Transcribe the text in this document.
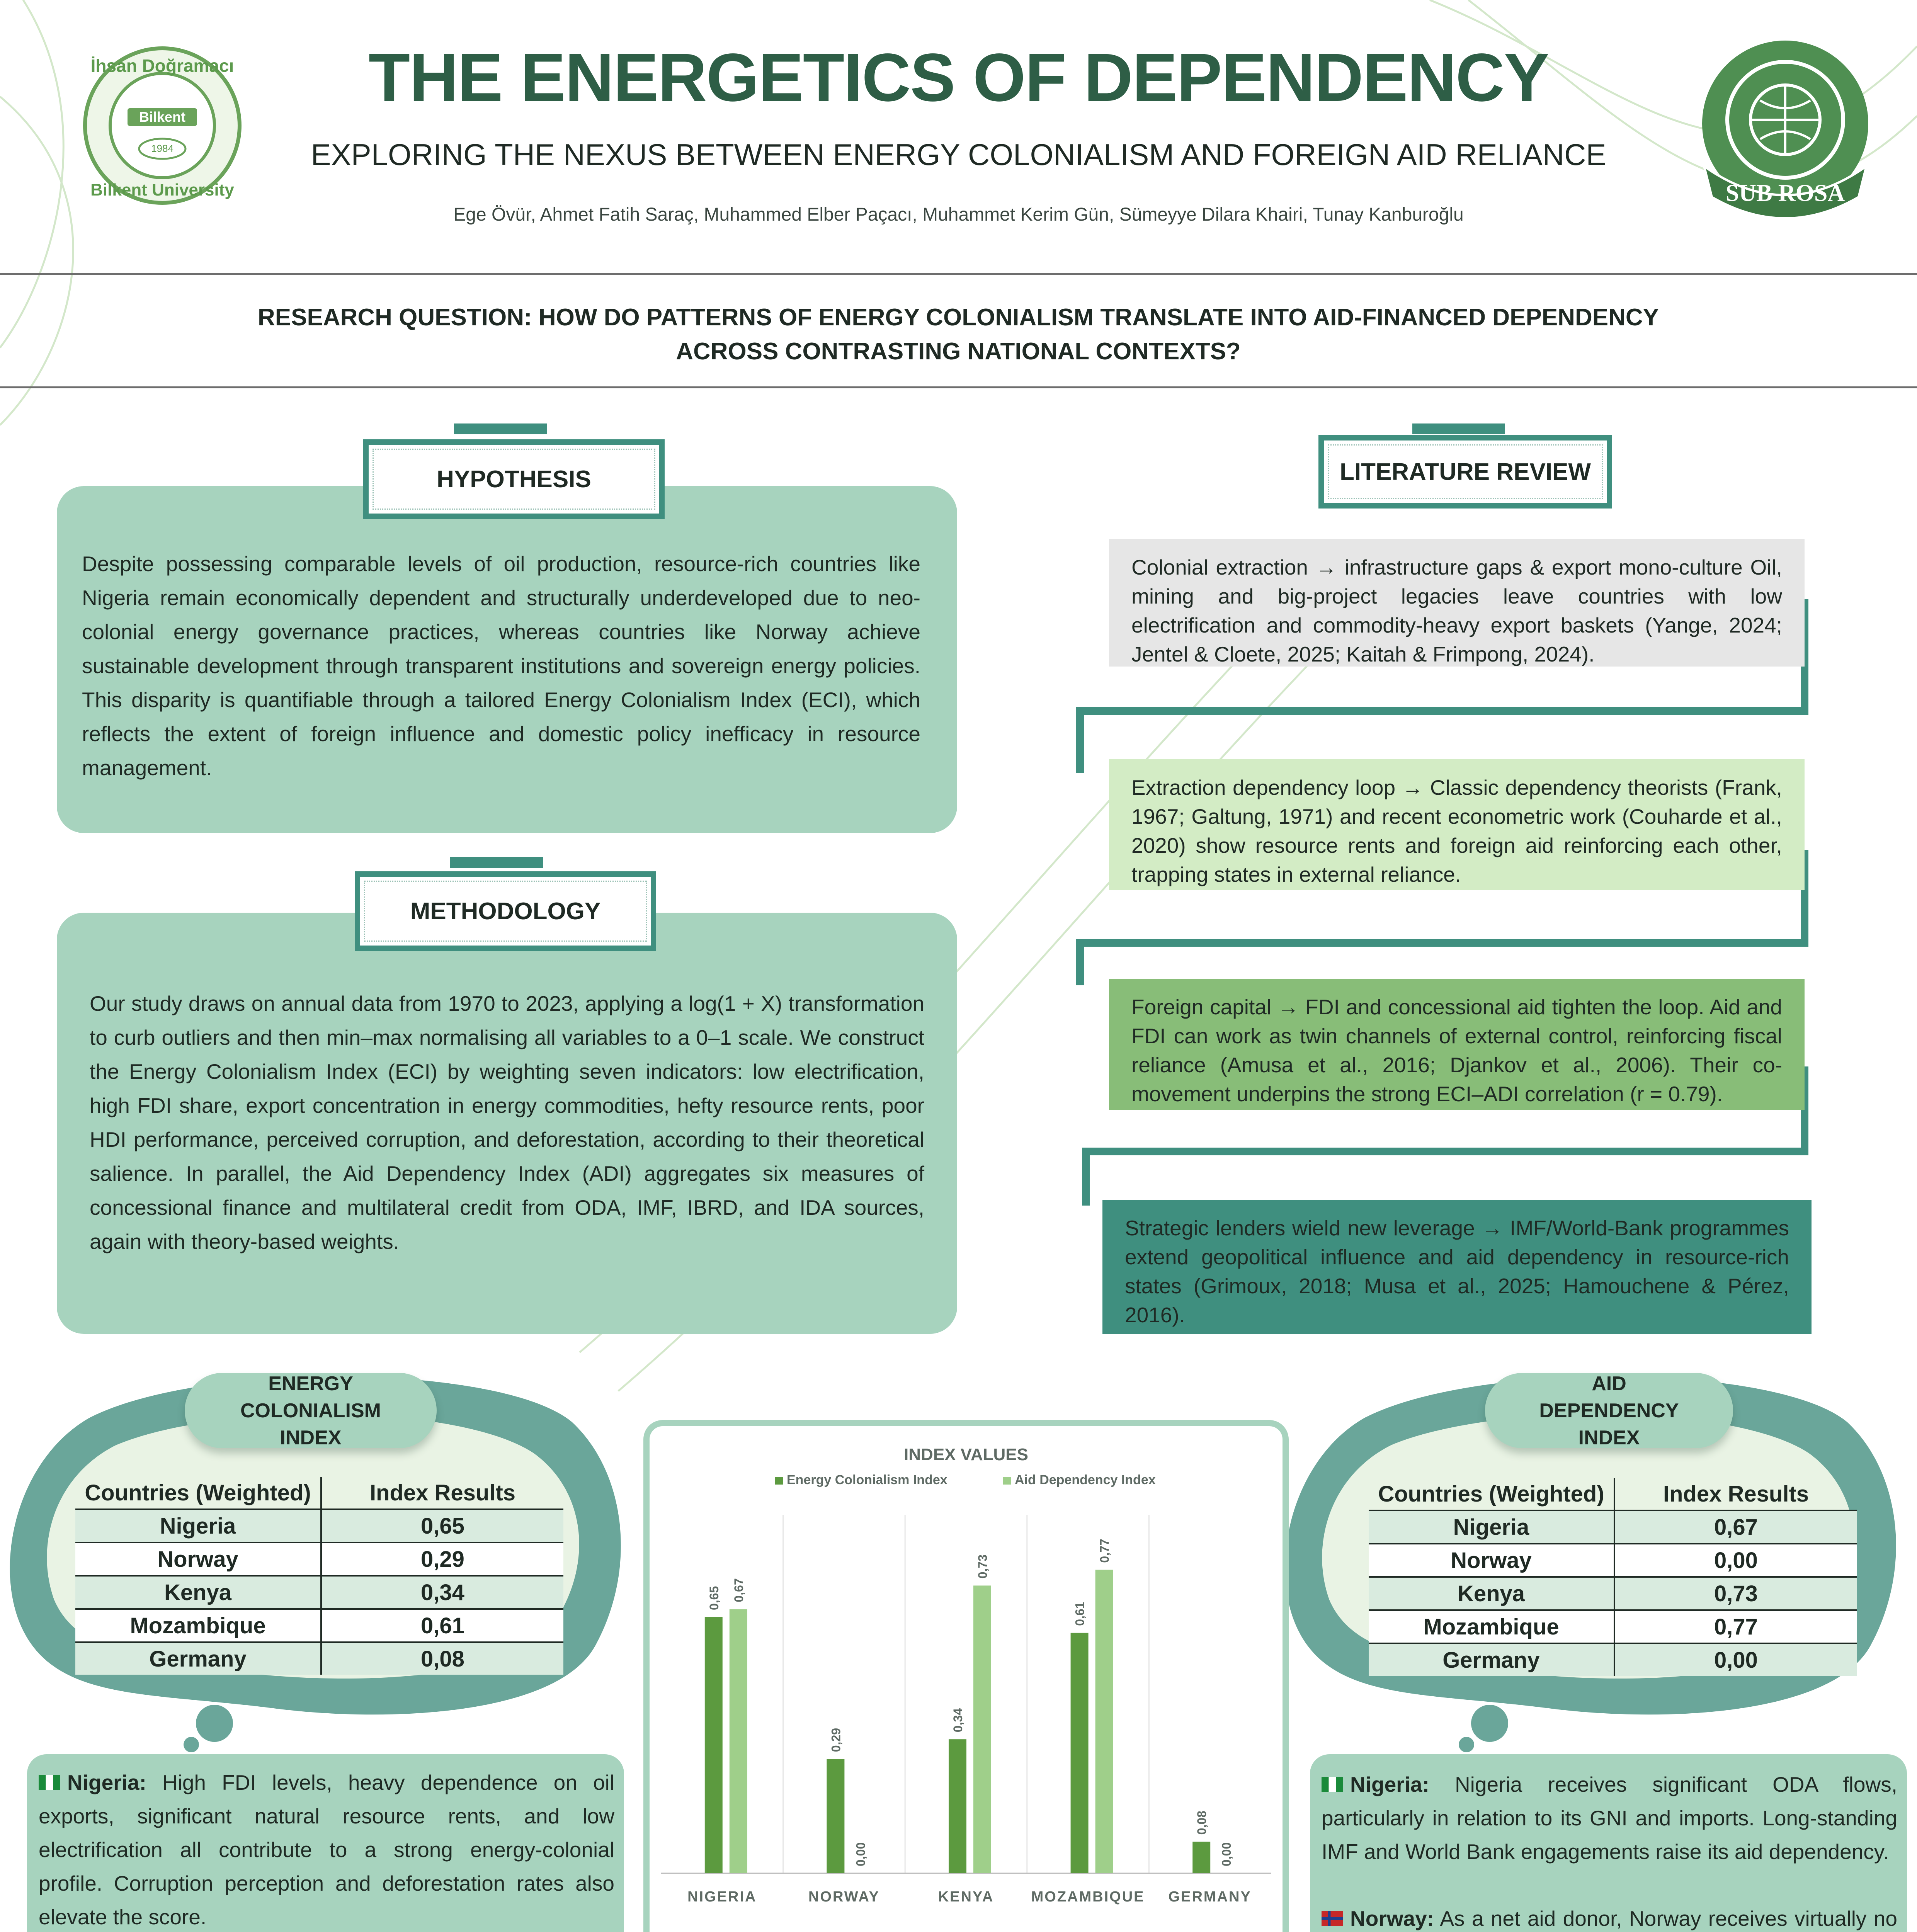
İhsan Doğramacı
Bilkent
1984
Bilkent University	SUB ROSA
THE ENERGETICS OF DEPENDENCY
EXPLORING THE NEXUS BETWEEN ENERGY COLONIALISM AND FOREIGN AID RELIANCE
Ege Övür, Ahmet Fatih Saraç, Muhammed Elber Paçacı, Muhammet Kerim Gün, Sümeyye Dilara Khairi, Tunay Kanburoğlu
RESEARCH QUESTION: HOW DO PATTERNS OF ENERGY COLONIALISM TRANSLATE INTO AID-FINANCED DEPENDENCY ACROSS CONTRASTING NATIONAL CONTEXTS?
HYPOTHESIS
Despite possessing comparable levels of oil production, resource-rich countries like Nigeria remain economically dependent and structurally underdeveloped due to neo-colonial energy governance practices, whereas countries like Norway achieve sustainable development through transparent institutions and sovereign energy policies. This disparity is quantifiable through a tailored Energy Colonialism Index (ECI), which reflects the extent of foreign influence and domestic policy inefficacy in resource management.
METHODOLOGY
Our study draws on annual data from 1970 to 2023, applying a log(1 + X) transformation to curb outliers and then min–max normalising all variables to a 0–1 scale. We construct the Energy Colonialism Index (ECI) by weighting seven indicators: low electrification, high FDI share, export concentration in energy commodities, hefty resource rents, poor HDI performance, perceived corruption, and deforestation, according to their theoretical salience. In parallel, the Aid Dependency Index (ADI) aggregates six measures of concessional finance and multilateral credit from ODA, IMF, IBRD, and IDA sources, again with theory-based weights.
LITERATURE REVIEW
Colonial extraction → infrastructure gaps & export mono-culture Oil, mining and big-project legacies leave countries with low electrification and commodity-heavy export baskets (Yange, 2024; Jentel & Cloete, 2025; Kaitah & Frimpong, 2024).
Extraction dependency loop → Classic dependency theorists (Frank, 1967; Galtung, 1971) and recent econometric work (Couharde et al., 2020) show resource rents and foreign aid reinforcing each other, trapping states in external reliance.
Foreign capital → FDI and concessional aid tighten the loop. Aid and FDI can work as twin channels of external control, reinforcing fiscal reliance (Amusa et al., 2016; Djankov et al., 2006). Their co-movement underpins the strong ECI–ADI correlation (r = 0.79).
Strategic lenders wield new leverage → IMF/World-Bank programmes extend geopolitical influence and aid dependency in resource-rich states (Grimoux, 2018; Musa et al., 2025; Hamouchene & Pérez, 2016).
ENERGY COLONIALISM INDEX
Countries (Weighted)	Index Results
Nigeria	0,65
Norway	0,29
Kenya	0,34
Mozambique	0,61
Germany	0,08
AID DEPENDENCY INDEX
Countries (Weighted)	Index Results
Nigeria	0,67
Norway	0,00
Kenya	0,73
Mozambique	0,77
Germany	0,00
INDEX VALUES
Energy Colonialism Index	Aid Dependency Index
0,65 0,67
NIGERIA
0,29
0,00
NORWAY
0,34
0,73
KENYA
0,61
0,77
MOZAMBIQUE
0,08
0,00
GERMANY

Nigeria: High FDI levels, heavy dependence on oil exports, significant natural resource rents, and low electrification all contribute to a strong energy-colonial profile. Corruption perception and deforestation rates also elevate the score.

Nigeria: Nigeria receives significant ODA flows, particularly in relation to its GNI and imports. Long-standing IMF and World Bank engagements raise its aid dependency.

Norway: As a net aid donor, Norway receives virtually no
